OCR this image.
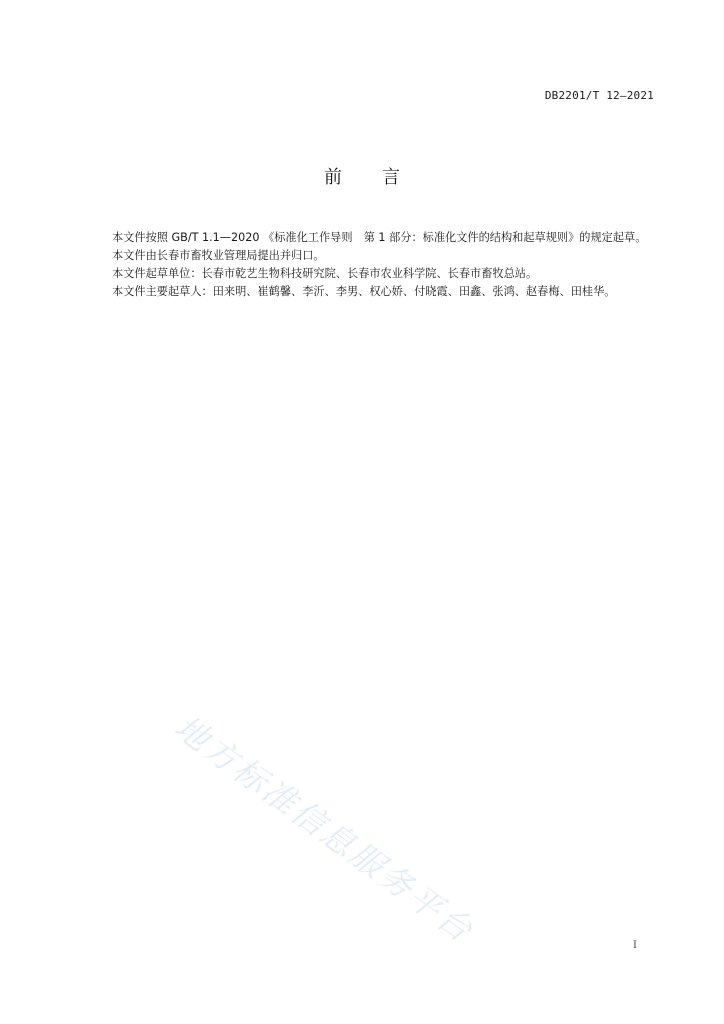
DB2201/T 12—2021
前 言

本文件按照 GB/T 1.1—2020 《标准化工作导则　第 1 部分：标准化文件的结构和起草规则》的规定起草。

本文件由长春市畜牧业管理局提出并归口。

本文件起草单位：长春市乾艺生物科技研究院、长春市农业科学院、长春市畜牧总站。

本文件主要起草人：田来明、崔鹤馨、李沂、李男、权心娇、付晓霞、田鑫、张鸿、赵春梅、田桂华。

地方标准信息服务平台	I
